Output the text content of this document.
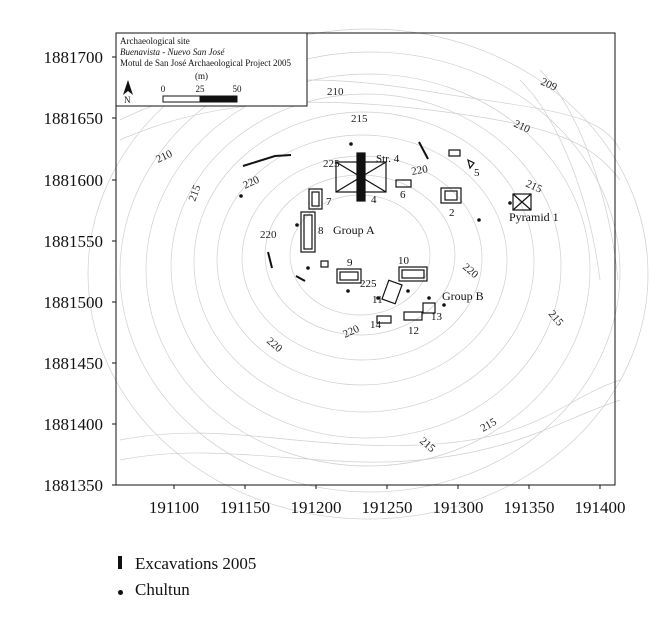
1881700
1881650
1881600
1881550
1881500
1881450
1881400
1881350
191100 191150 191200 191250 191300 191350 191400
Archaeological site
Buenavista - Nuevo San José
Motul de San José Archaeological Project 2005
(m)
0	25	50
N
210	209
215
210
210
215	215
220
220
220
220
225
215
220
215
215
220
Str. 4
4
5
6
2
7
8
9	10
225
11
13
14 12
Pyramid 1
Group A
Group B
Excavations 2005
Chultun
